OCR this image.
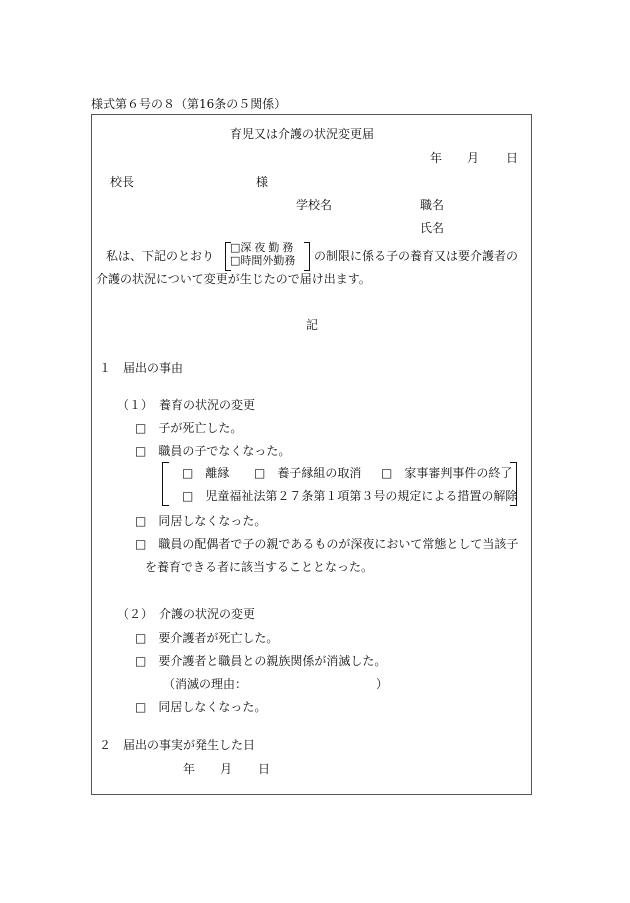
様式第６号の８（第16条の５関係）
育児又は介護の状況変更届
年 月 日
校長	様
学校名	職名
氏名
私は、下記のとおり
□深夜勤務
□時間外勤務 の制限に係る子の養育又は要介護者の
介護の状況について変更が生じたので届け出ます。
記
１　届出の事由
（１）　養育の状況の変更
□　 子が死亡した。
□　 職員の子でなくなった。
□　 離縁 □　 養子縁組の取消 □　 家事審判事件の終了
□　 児童福祉法第２７条第１項第３号の規定による措置の解除
□　 同居しなくなった。
□　 職員の配偶者で子の親であるものが深夜において常態として当該子
を養育できる者に該当することとなった。
（２）　介護の状況の変更
□　 要介護者が死亡した。
□　 要介護者と職員との親族関係が消滅した。
（消滅の理由：	）
□　 同居しなくなった。
２　届出の事実が発生した日
年 月 日
